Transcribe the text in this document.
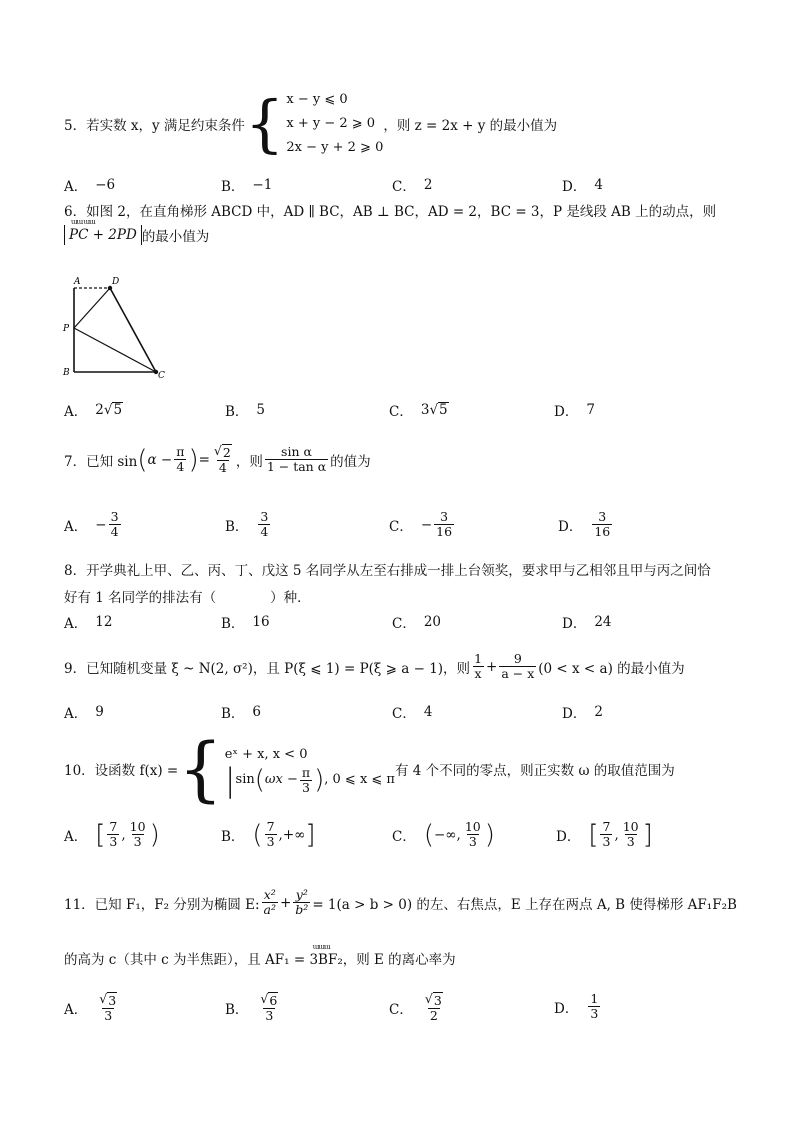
5．若实数 x，y 满足约束条件 { x − y ⩽ 0
x + y − 2 ⩾ 0
2x − y + 2 ⩾ 0
，则 z = 2x + y 的最小值为
A． −6	B． −1	C． 2	D． 4
6．如图 2，在直角梯形 ABCD 中，AD ∥ BC，AB ⊥ BC，AD = 2，BC = 3，P 是线段 AB 上的动点，则
ɯɯ ɯɯ
PC + 2PD 的最小值为
A	D
P
B	C
A． 2 √ 5	B． 5	C． 3 √ 5	D． 7
7．已知 sin ( $\alpha - \frac{\pi}{4}$ ) = $\frac{√ 2}{4}$ ，则 $\frac{\text{sin α}}{\text{1 − tan α}}$ 的值为
A． − $\frac{3}{4}$	B． $\frac{3}{4}$	C． − $\frac{3}{16}$	D． $\frac{3}{16}$
8．开学典礼上甲、乙、丙、丁、戊这 5 名同学从左至右排成一排上台领奖，要求甲与乙相邻且甲与丙之间恰
好有 1 名同学的排法有（　　　　）种．
A． 12	B． 16	C． 20	D． 24
9．已知随机变量 ξ ~ N(2, σ²)，且 P(ξ ⩽ 1) = P(ξ ⩾ a − 1)，则 $\frac{1}{x} + \frac{9}{a - x} (0 < x < a)$ 的最小值为
A． 9	B． 6	C． 4	D． 2
10．设函数 f(x) = { eˣ + x, x < 0
| sin ( $\omega x - \frac{\pi}{3}$ ) , 0 ⩽ x ⩽ π
有 4 个不同的零点，则正实数 ω 的取值范围为
A． [ $\frac{7}{3}$ , $\frac{10}{3}$ )	B． ( $\frac{7}{3}$ , +∞ ]	C． ( −∞, $\frac{10}{3}$ )	D． [ $\frac{7}{3}$ , $\frac{10}{3}$ ]
11．已知 F₁，F₂ 分别为椭圆 E: $\frac{\text{x²}}{\text{a²}} + \frac{\text{y²}}{\text{b²}} = 1(a > b > 0)$ 的左、右焦点，E 上存在两点 A, B 使得梯形 AF₁F₂B
的高为 c（其中 c 为半焦距），且 AF₁ = 3BF₂
ɯɯɯ
，则 E 的离心率为
A． $\frac{√ 3}{3}$	B． $\frac{√ 6}{3}$	C． $\frac{√ 3}{2}$	D． $\frac{1}{3}$
